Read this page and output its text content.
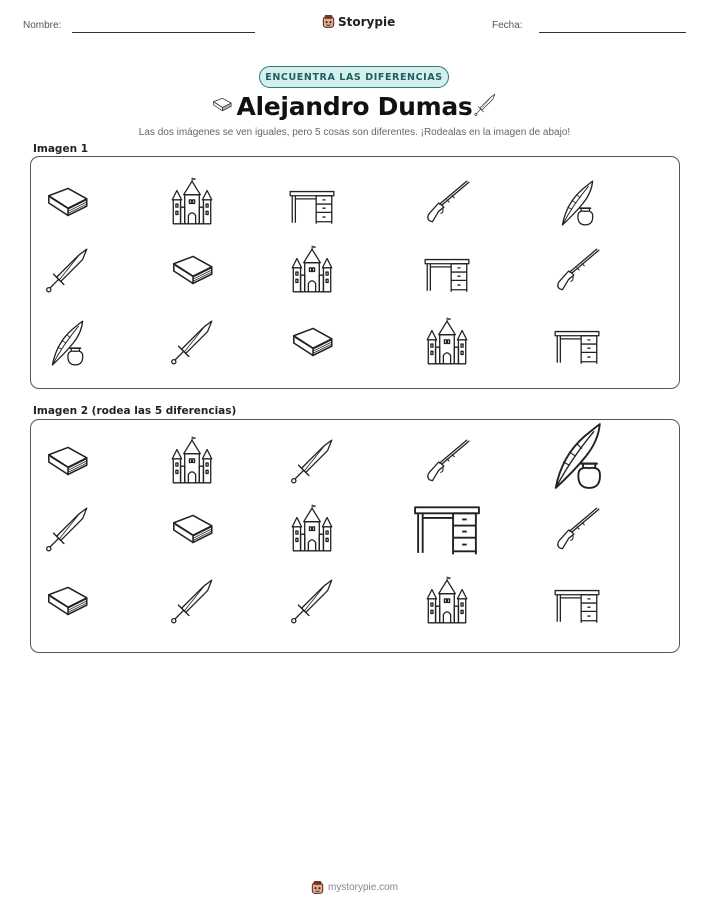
Nombre:	Storypie	Fecha:
ENCUENTRA LAS DIFERENCIAS
Alejandro Dumas
Las dos imágenes se ven iguales, pero 5 cosas son diferentes. ¡Rodealas en la imagen de abajo!
Imagen 1
Imagen 2 (rodea las 5 diferencias)
mystorypie.com
